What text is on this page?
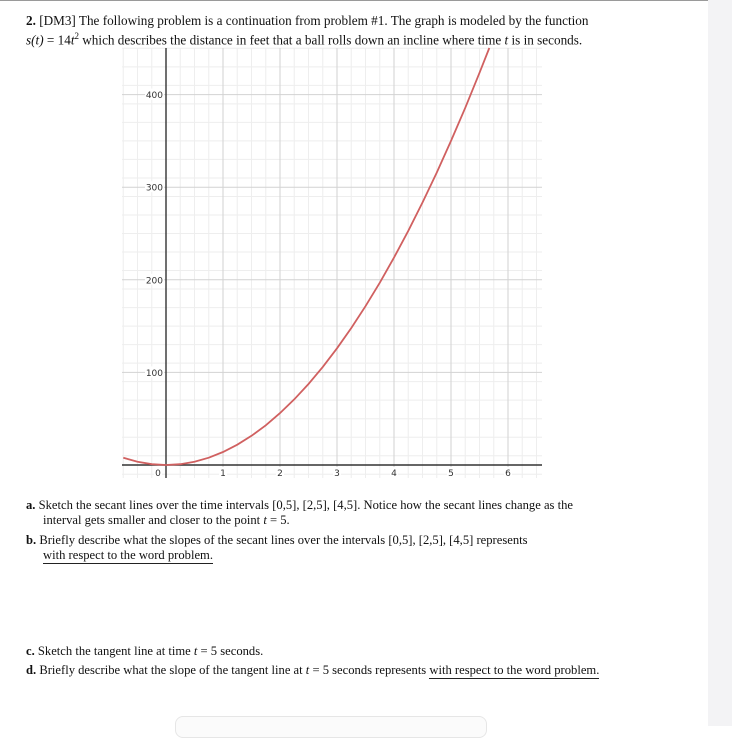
2. [DM3] The following problem is a continuation from problem #1. The graph is modeled by the function
$s(t) = 14t^2$ which describes the distance in feet that a ball rolls down an incline where time t is in seconds.
0	1	2	3	4	5	6
100
200
300
400
a. Sketch the secant lines over the time intervals [0,5], [2,5], [4,5]. Notice how the secant lines change as the
interval gets smaller and closer to the point t = 5.
b. Briefly describe what the slopes of the secant lines over the intervals [0,5], [2,5], [4,5] represents
with respect to the word problem.
c. Sketch the tangent line at time t = 5 seconds.
d. Briefly describe what the slope of the tangent line at t = 5 seconds represents with respect to the word problem.
